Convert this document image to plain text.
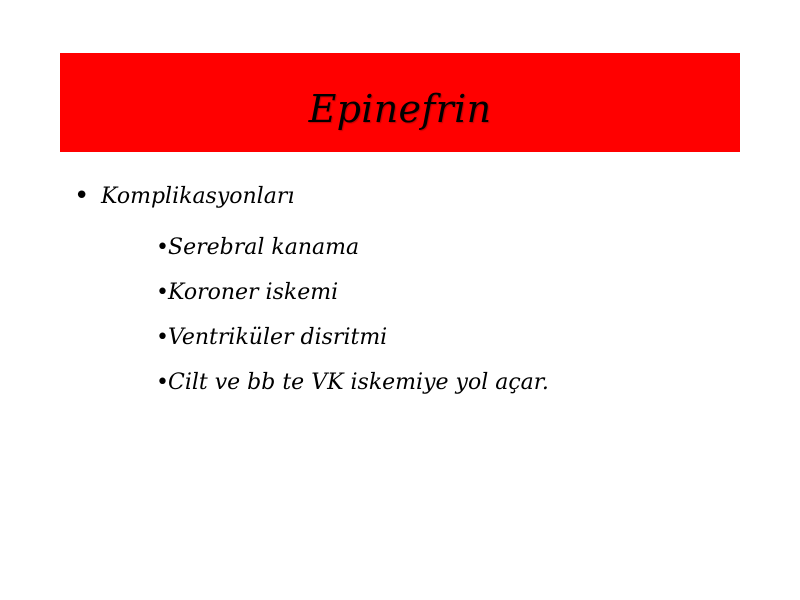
Epinefrin
• Komplikasyonları
• Serebral kanama
• Koroner iskemi
• Ventriküler disritmi
• Cilt ve bb te VK iskemiye yol açar.
